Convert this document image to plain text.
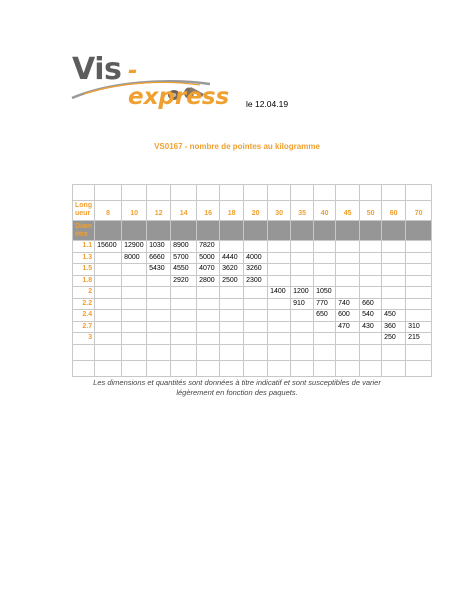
Vis -express le 12.04.19
VS0167 - nombre de pointes au kilogramme

Long
ueur	8	10	12	14	16	18	20	30	35	40	45	50	60	70
Diam
ètre														
1.1	15600	12900	1030	8900	7820									
1.3		8000	6660	5700	5000	4440	4000							
1.5			5430	4550	4070	3620	3260							
1.8				2920	2800	2500	2300							
2								1400	1200	1050				
2.2									910	770	740	660		
2.4										650	600	540	450	
2.7											470	430	360	310
3													250	215

Les dimensions et quantités sont données à titre indicatif et sont susceptibles de varier
légèrement en fonction des paquets.
